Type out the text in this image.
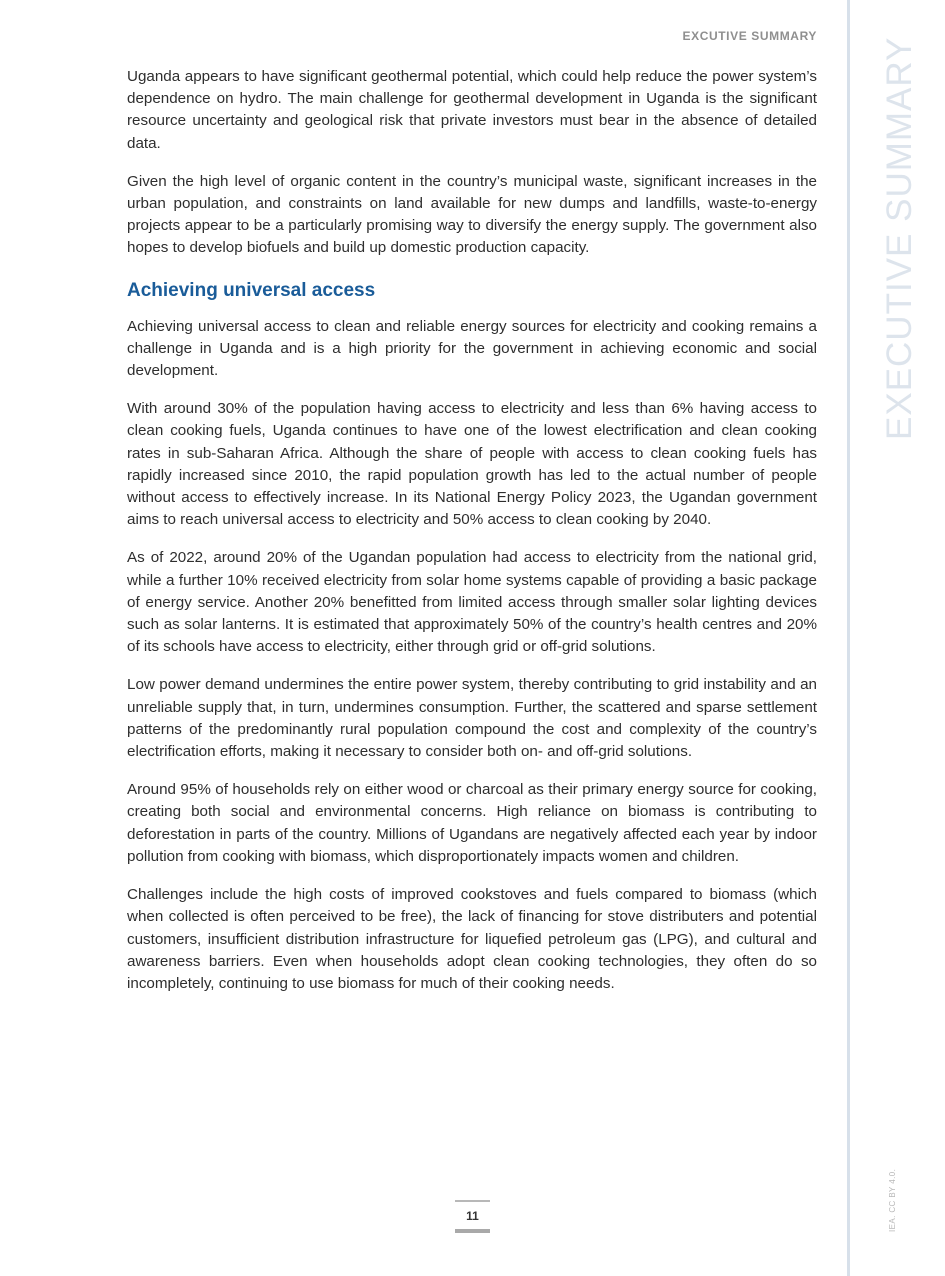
EXCUTIVE SUMMARY
EXECUTIVE SUMMARY
IEA. CC BY 4.0.

Uganda appears to have significant geothermal potential, which could help reduce the power system’s dependence on hydro. The main challenge for geothermal development in Uganda is the significant resource uncertainty and geological risk that private investors must bear in the absence of detailed data.

Given the high level of organic content in the country’s municipal waste, significant increases in the urban population, and constraints on land available for new dumps and landfills, waste-to-energy projects appear to be a particularly promising way to diversify the energy supply. The government also hopes to develop biofuels and build up domestic production capacity.

Achieving universal access

Achieving universal access to clean and reliable energy sources for electricity and cooking remains a challenge in Uganda and is a high priority for the government in achieving economic and social development.

With around 30% of the population having access to electricity and less than 6% having access to clean cooking fuels, Uganda continues to have one of the lowest electrification and clean cooking rates in sub-Saharan Africa. Although the share of people with access to clean cooking fuels has rapidly increased since 2010, the rapid population growth has led to the actual number of people without access to effectively increase. In its National Energy Policy 2023, the Ugandan government aims to reach universal access to electricity and 50% access to clean cooking by 2040.

As of 2022, around 20% of the Ugandan population had access to electricity from the national grid, while a further 10% received electricity from solar home systems capable of providing a basic package of energy service. Another 20% benefitted from limited access through smaller solar lighting devices such as solar lanterns. It is estimated that approximately 50% of the country’s health centres and 20% of its schools have access to electricity, either through grid or off-grid solutions.

Low power demand undermines the entire power system, thereby contributing to grid instability and an unreliable supply that, in turn, undermines consumption. Further, the scattered and sparse settlement patterns of the predominantly rural population compound the cost and complexity of the country’s electrification efforts, making it necessary to consider both on- and off-grid solutions.

Around 95% of households rely on either wood or charcoal as their primary energy source for cooking, creating both social and environmental concerns. High reliance on biomass is contributing to deforestation in parts of the country. Millions of Ugandans are negatively affected each year by indoor pollution from cooking with biomass, which disproportionately impacts women and children.

Challenges include the high costs of improved cookstoves and fuels compared to biomass (which when collected is often perceived to be free), the lack of financing for stove distributers and potential customers, insufficient distribution infrastructure for liquefied petroleum gas (LPG), and cultural and awareness barriers. Even when households adopt clean cooking technologies, they often do so incompletely, continuing to use biomass for much of their cooking needs.

11
